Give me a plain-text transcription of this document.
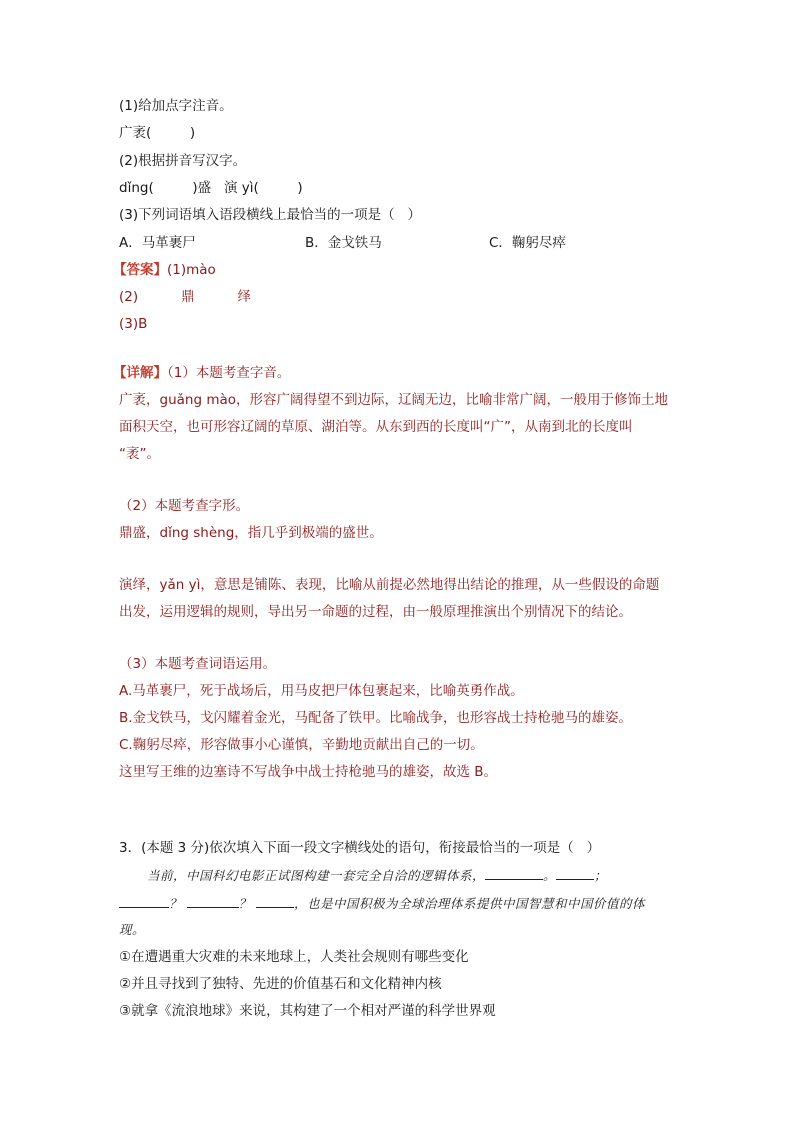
(1)给加点字注音。
广袤(         )
(2)根据拼音写汉字。
dǐng(         )盛   演 yì(         )
(3)下列词语填入语段横线上最恰当的一项是（   ）

A．马革裹尸

	B．金戈铁马

	C．鞠躬尽瘁

【答案】(1)mào
(2)          鼎          绎
(3)B
【详解】（1）本题考查字音。
广袤，guǎng mào，形容广阔得望不到边际，辽阔无边，比喻非常广阔，一般用于修饰土地
面积天空，也可形容辽阔的草原、湖泊等。从东到西的长度叫“广”，从南到北的长度叫
“袤”。
（2）本题考查字形。
鼎盛，dǐng shèng，指几乎到极端的盛世。
演绎，yǎn yì，意思是铺陈、表现，比喻从前提必然地得出结论的推理，从一些假设的命题
出发，运用逻辑的规则，导出另一命题的过程，由一般原理推演出个别情况下的结论。
（3）本题考查词语运用。
A.马革裹尸，死于战场后，用马皮把尸体包裹起来，比喻英勇作战。
B.金戈铁马，戈闪耀着金光，马配备了铁甲。比喻战争，也形容战士持枪驰马的雄姿。
C.鞠躬尽瘁，形容做事小心谨慎，辛勤地贡献出自己的一切。
这里写王维的边塞诗不写战争中战士持枪驰马的雄姿，故选 B。
3．(本题 3 分)依次填入下面一段文字横线处的语句，衔接最恰当的一项是（   ）
当前，中国科幻电影正试图构建一套完全自洽的逻辑体系，	。	；
？	？	，也是中国积极为全球治理体系提供中国智慧和中国价值的体
现。
①在遭遇重大灾难的未来地球上，人类社会规则有哪些变化
②并且寻找到了独特、先进的价值基石和文化精神内核
③就拿《流浪地球》来说，其构建了一个相对严谨的科学世界观
